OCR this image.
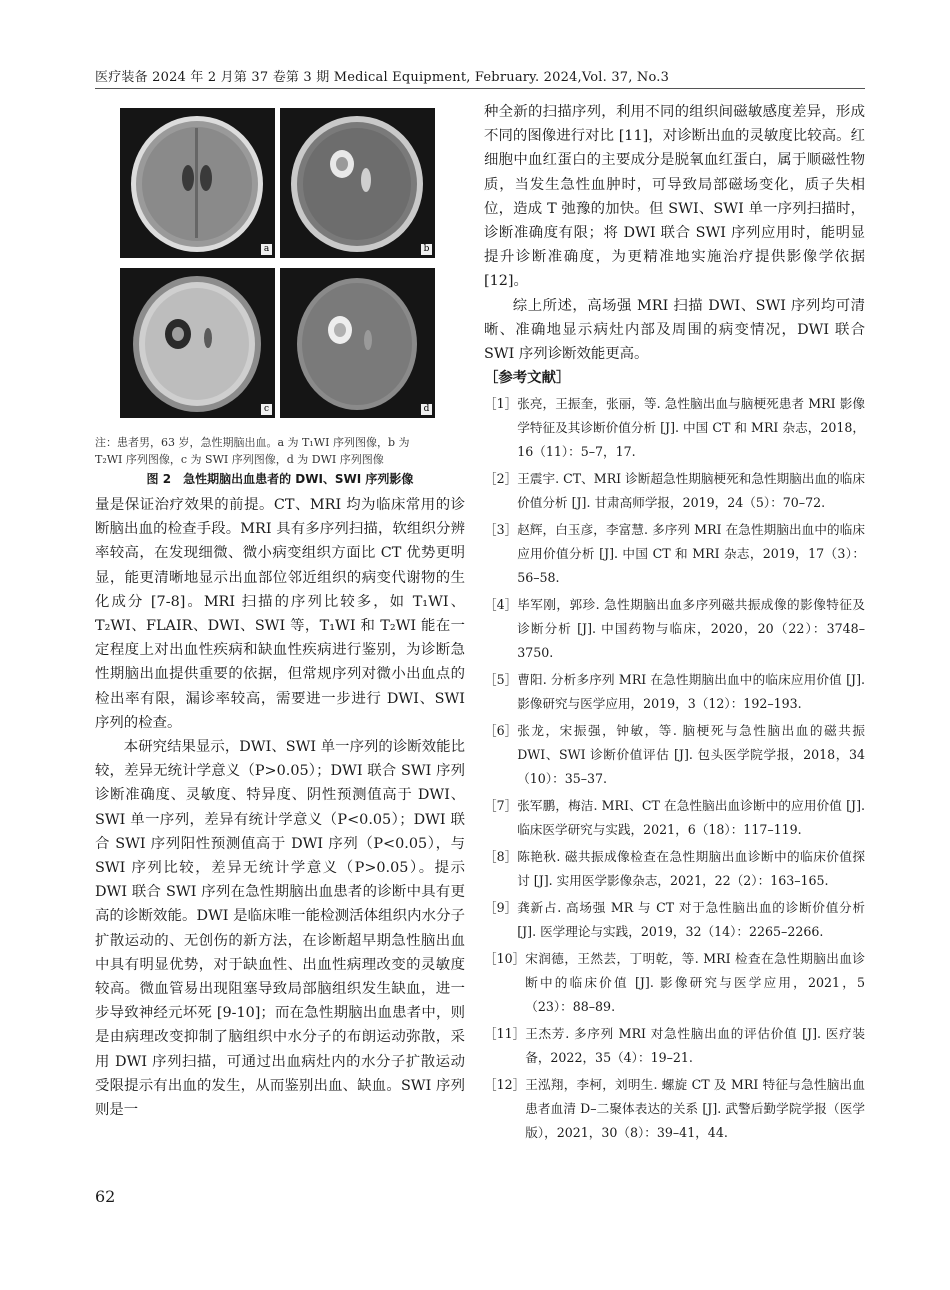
医疗装备 2024 年 2 月第 37 卷第 3 期 Medical Equipment, February. 2024,Vol. 37, No.3
a	b
c	d

注：患者男，63 岁，急性期脑出血。a 为 T₁WI 序列图像，b 为
T₂WI 序列图像，c 为 SWI 序列图像，d 为 DWI 序列图像

图 2　急性期脑出血患者的 DWI、SWI 序列影像

量是保证治疗效果的前提。CT、MRI 均为临床常用的诊断脑出血的检查手段。MRI 具有多序列扫描，软组织分辨率较高，在发现细微、微小病变组织方面比 CT 优势更明显，能更清晰地显示出血部位邻近组织的病变代谢物的生化成分 [7-8]。MRI 扫描的序列比较多，如 T₁WI、T₂WI、FLAIR、DWI、SWI 等，T₁WI 和 T₂WI 能在一定程度上对出血性疾病和缺血性疾病进行鉴别，为诊断急性期脑出血提供重要的依据，但常规序列对微小出血点的检出率有限，漏诊率较高，需要进一步进行 DWI、SWI 序列的检查。

本研究结果显示，DWI、SWI 单一序列的诊断效能比较，差异无统计学意义（P>0.05）；DWI 联合 SWI 序列诊断准确度、灵敏度、特异度、阴性预测值高于 DWI、SWI 单一序列，差异有统计学意义（P<0.05）；DWI 联合 SWI 序列阳性预测值高于 DWI 序列（P<0.05），与 SWI 序列比较，差异无统计学意义（P>0.05）。提示 DWI 联合 SWI 序列在急性期脑出血患者的诊断中具有更高的诊断效能。DWI 是临床唯一能检测活体组织内水分子扩散运动的、无创伤的新方法，在诊断超早期急性脑出血中具有明显优势，对于缺血性、出血性病理改变的灵敏度较高。微血管易出现阻塞导致局部脑组织发生缺血，进一步导致神经元坏死 [9-10]；而在急性期脑出血患者中，则是由病理改变抑制了脑组织中水分子的布朗运动弥散，采用 DWI 序列扫描，可通过出血病灶内的水分子扩散运动受限提示有出血的发生，从而鉴别出血、缺血。SWI 序列则是一

种全新的扫描序列，利用不同的组织间磁敏感度差异，形成不同的图像进行对比 [11]，对诊断出血的灵敏度比较高。红细胞中血红蛋白的主要成分是脱氧血红蛋白，属于顺磁性物质，当发生急性血肿时，可导致局部磁场变化，质子失相位，造成 T 弛豫的加快。但 SWI、SWI 单一序列扫描时，诊断准确度有限；将 DWI 联合 SWI 序列应用时，能明显提升诊断准确度，为更精准地实施治疗提供影像学依据 [12]。

综上所述，高场强 MRI 扫描 DWI、SWI 序列均可清晰、准确地显示病灶内部及周围的病变情况，DWI 联合 SWI 序列诊断效能更高。

［参考文献］

［1］ 张亮，王振奎，张丽，等. 急性脑出血与脑梗死患者 MRI 影像学特征及其诊断价值分析 [J]. 中国 CT 和 MRI 杂志，2018，16（11）：5–7，17.
［2］ 王震宇. CT、MRI 诊断超急性期脑梗死和急性期脑出血的临床价值分析 [J]. 甘肃高师学报，2019，24（5）：70–72.
［3］ 赵辉，白玉彦，李富慧. 多序列 MRI 在急性期脑出血中的临床应用价值分析 [J]. 中国 CT 和 MRI 杂志，2019，17（3）：56–58.
［4］ 毕军刚，郭珍. 急性期脑出血多序列磁共振成像的影像特征及诊断分析 [J]. 中国药物与临床，2020，20（22）：3748–3750.
［5］ 曹阳. 分析多序列 MRI 在急性期脑出血中的临床应用价值 [J]. 影像研究与医学应用，2019，3（12）：192–193.
［6］ 张龙，宋振强，钟敏，等. 脑梗死与急性脑出血的磁共振 DWI、SWI 诊断价值评估 [J]. 包头医学院学报，2018，34（10）：35–37.
［7］ 张军鹏，梅洁. MRI、CT 在急性脑出血诊断中的应用价值 [J]. 临床医学研究与实践，2021，6（18）：117–119.
［8］ 陈艳秋. 磁共振成像检查在急性期脑出血诊断中的临床价值探讨 [J]. 实用医学影像杂志，2021，22（2）：163–165.
［9］ 龚新占. 高场强 MR 与 CT 对于急性脑出血的诊断价值分析 [J]. 医学理论与实践，2019，32（14）：2265–2266.
［10］ 宋润德，王然芸，丁明乾，等. MRI 检查在急性期脑出血诊断中的临床价值 [J]. 影像研究与医学应用，2021，5（23）：88–89.
［11］ 王杰芳. 多序列 MRI 对急性脑出血的评估价值 [J]. 医疗装备，2022，35（4）：19–21.
［12］ 王泓翔，李柯，刘明生. 螺旋 CT 及 MRI 特征与急性脑出血患者血清 D–二聚体表达的关系 [J]. 武警后勤学院学报（医学版），2021，30（8）：39–41，44.
62
